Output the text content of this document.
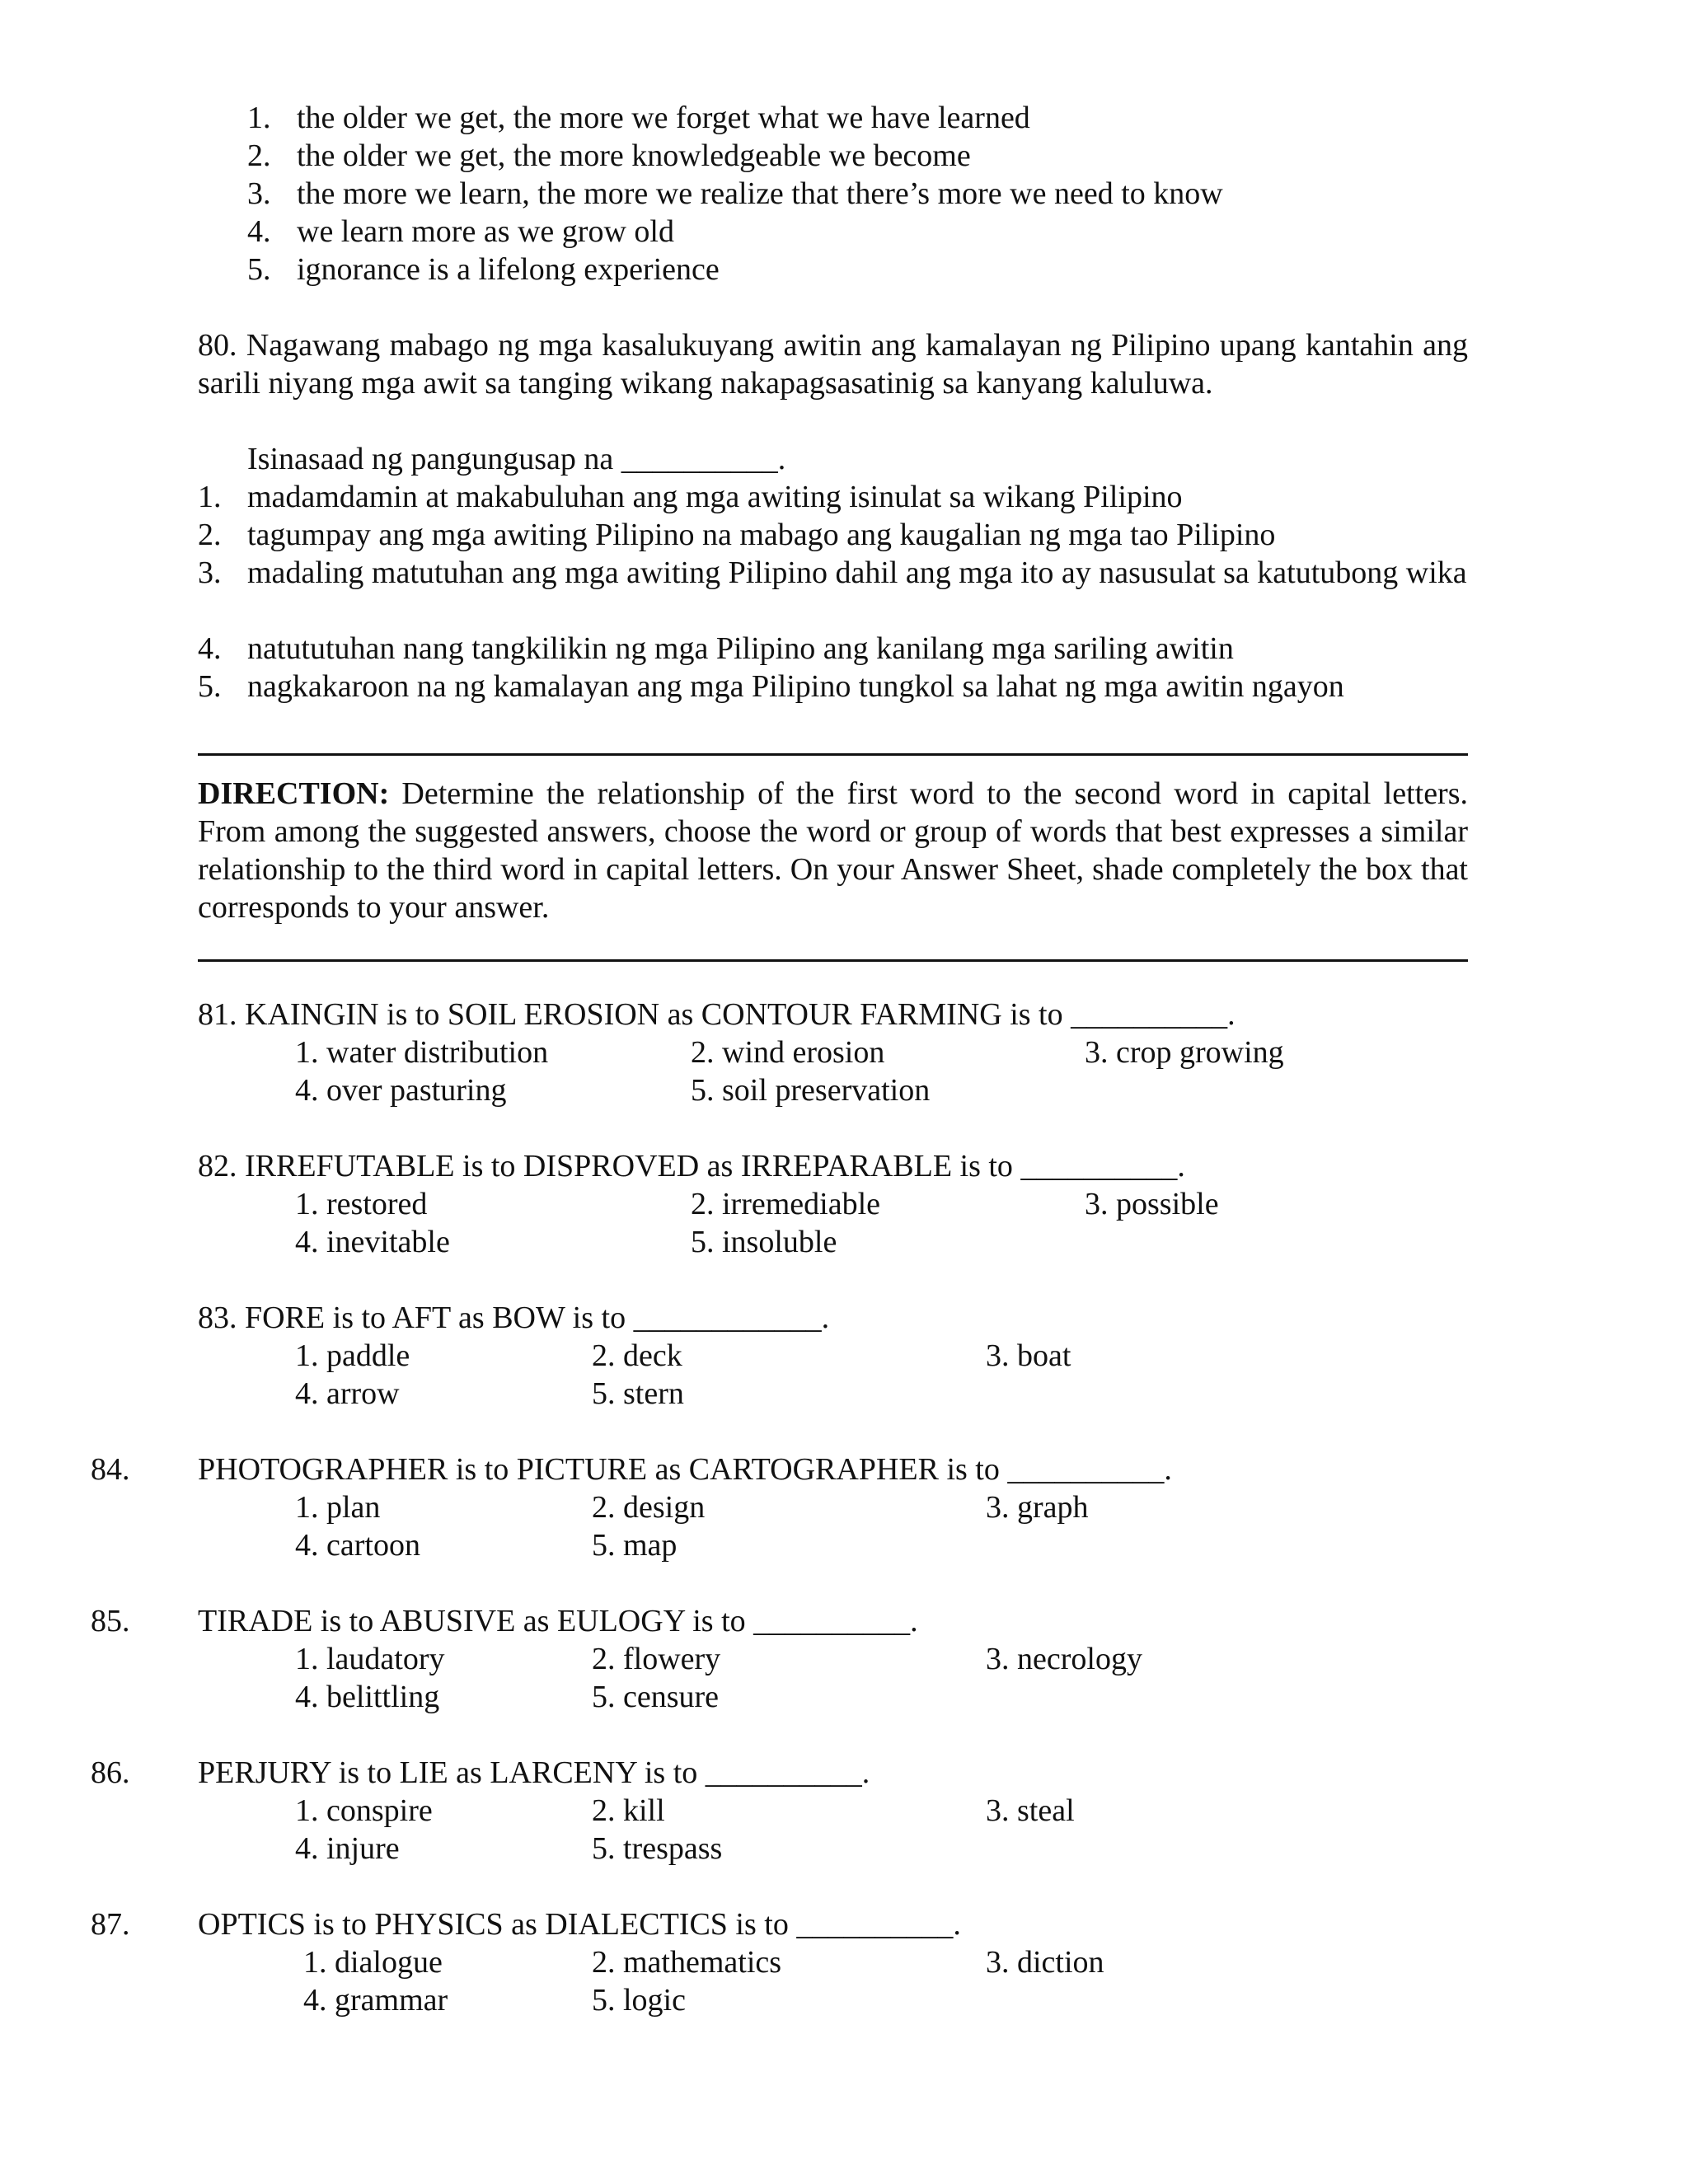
1. the older we get, the more we forget what we have learned
2. the older we get, the more knowledgeable we become
3. the more we learn, the more we realize that there’s more we need to know
4. we learn more as we grow old
5. ignorance is a lifelong experience
80. Nagawang mabago ng mga kasalukuyang awitin ang kamalayan ng Pilipino upang kantahin ang sarili niyang mga awit sa tanging wikang nakapagsasatinig sa kanyang kaluluwa.
Isinasaad ng pangungusap na __________.
1. madamdamin at makabuluhan ang mga awiting isinulat sa wikang Pilipino
2. tagumpay ang mga awiting Pilipino na mabago ang kaugalian ng mga tao Pilipino
3. madaling matutuhan ang mga awiting Pilipino dahil ang mga ito ay nasusulat sa katutubong wika
4. natututuhan nang tangkilikin ng mga Pilipino ang kanilang mga sariling awitin
5. nagkakaroon na ng kamalayan ang mga Pilipino tungkol sa lahat ng mga awitin ngayon
DIRECTION: Determine the relationship of the first word to the second word in capital letters. From among the suggested answers, choose the word or group of words that best expresses a similar relationship to the third word in capital letters. On your Answer Sheet, shade completely the box that corresponds to your answer.
81. KAINGIN is to SOIL EROSION as CONTOUR FARMING is to __________.
1. water distribution	2. wind erosion	3. crop growing
4. over pasturing	5. soil preservation
82. IRREFUTABLE is to DISPROVED as IRREPARABLE is to __________.
1. restored	2. irremediable	3. possible
4. inevitable	5. insoluble
83. FORE is to AFT as BOW is to ____________.
1. paddle	2. deck	3. boat
4. arrow	5. stern
84. PHOTOGRAPHER is to PICTURE as CARTOGRAPHER is to __________.
1. plan	2. design	3. graph
4. cartoon	5. map
85. TIRADE is to ABUSIVE as EULOGY is to __________.
1. laudatory	2. flowery	3. necrology
4. belittling	5. censure
86. PERJURY is to LIE as LARCENY is to __________.
1. conspire	2. kill	3. steal
4. injure	5. trespass
87. OPTICS is to PHYSICS as DIALECTICS is to __________.
1. dialogue	2. mathematics	3. diction
4. grammar	5. logic
